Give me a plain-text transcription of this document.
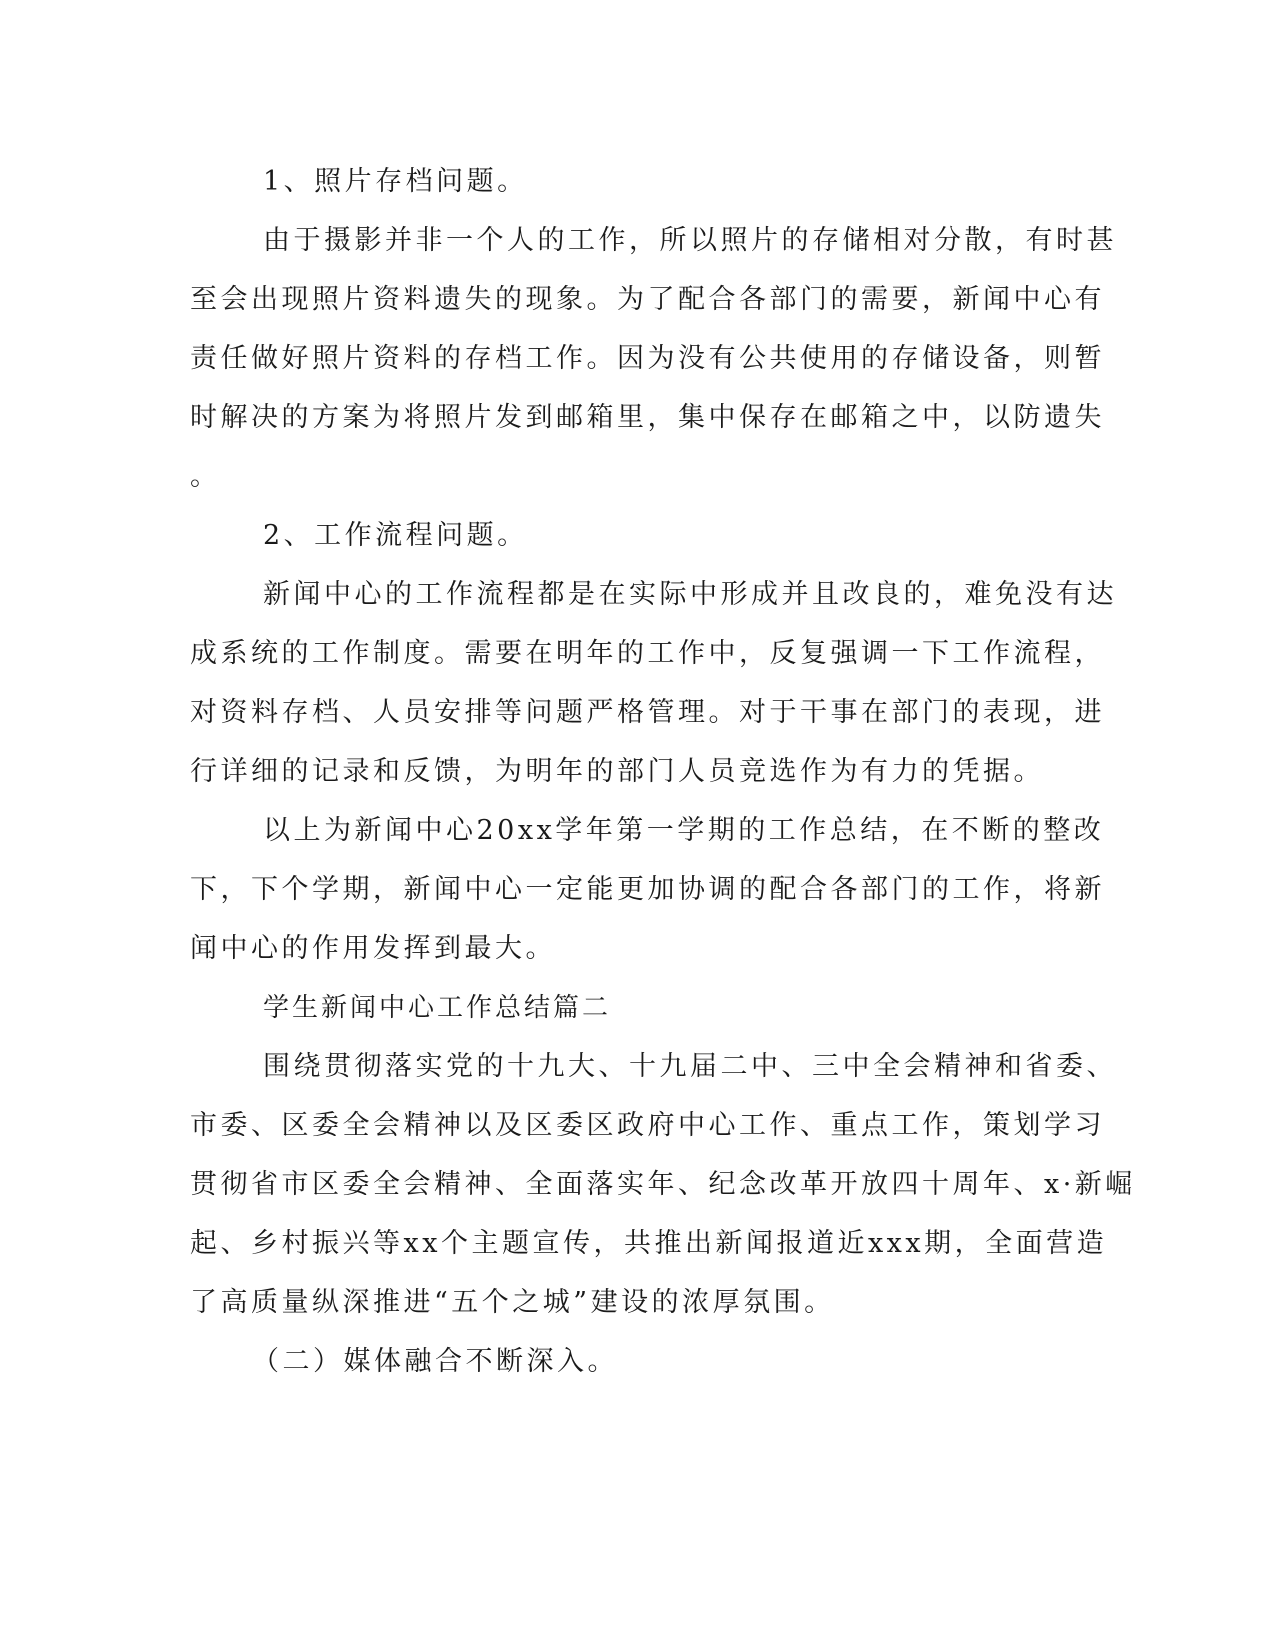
1、照片存档问题。
由于摄影并非一个人的工作，所以照片的存储相对分散，有时甚
至会出现照片资料遗失的现象。为了配合各部门的需要，新闻中心有
责任做好照片资料的存档工作。因为没有公共使用的存储设备，则暂
时解决的方案为将照片发到邮箱里，集中保存在邮箱之中，以防遗失
。
2、工作流程问题。
新闻中心的工作流程都是在实际中形成并且改良的，难免没有达
成系统的工作制度。需要在明年的工作中，反复强调一下工作流程，
对资料存档、人员安排等问题严格管理。对于干事在部门的表现，进
行详细的记录和反馈，为明年的部门人员竞选作为有力的凭据。
以上为新闻中心20xx学年第一学期的工作总结，在不断的整改
下，下个学期，新闻中心一定能更加协调的配合各部门的工作，将新
闻中心的作用发挥到最大。
学生新闻中心工作总结篇二
围绕贯彻落实党的十九大、十九届二中、三中全会精神和省委、
市委、区委全会精神以及区委区政府中心工作、重点工作，策划学习
贯彻省市区委全会精神、全面落实年、纪念改革开放四十周年、x·新崛
起、乡村振兴等xx个主题宣传，共推出新闻报道近xxx期，全面营造
了高质量纵深推进“五个之城”建设的浓厚氛围。
（二）媒体融合不断深入。
